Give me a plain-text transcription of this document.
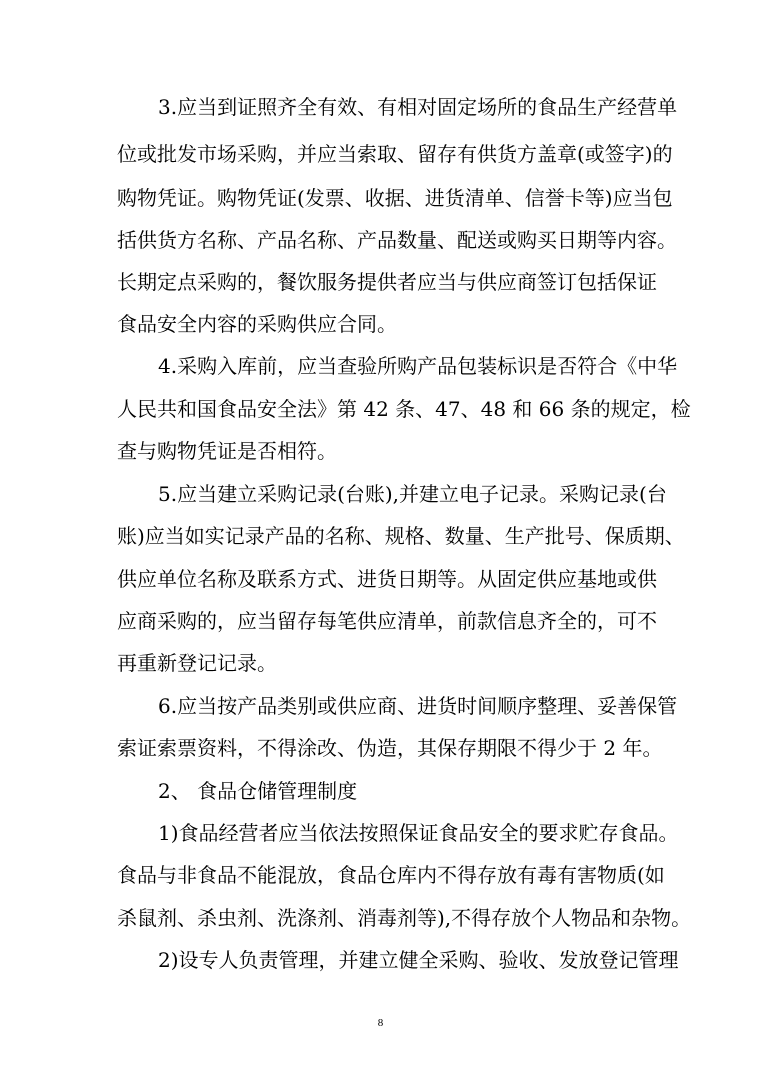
3.应当到证照齐全有效、有相对固定场所的食品生产经营单
位或批发市场采购，并应当索取、留存有供货方盖章(或签字)的
购物凭证。购物凭证(发票、收据、进货清单、信誉卡等)应当包
括供货方名称、产品名称、产品数量、配送或购买日期等内容。
长期定点采购的，餐饮服务提供者应当与供应商签订包括保证
食品安全内容的采购供应合同。
4.采购入库前，应当查验所购产品包装标识是否符合《中华
人民共和国食品安全法》第 42 条、47、48 和 66 条的规定，检
查与购物凭证是否相符。
5.应当建立采购记录(台账),并建立电子记录。采购记录(台
账)应当如实记录产品的名称、规格、数量、生产批号、保质期、
供应单位名称及联系方式、进货日期等。从固定供应基地或供
应商采购的，应当留存每笔供应清单，前款信息齐全的，可不
再重新登记记录。
6.应当按产品类别或供应商、进货时间顺序整理、妥善保管
索证索票资料，不得涂改、伪造，其保存期限不得少于 2 年。
2、 食品仓储管理制度
1)食品经营者应当依法按照保证食品安全的要求贮存食品。
食品与非食品不能混放，食品仓库内不得存放有毒有害物质(如
杀鼠剂、杀虫剂、洗涤剂、消毒剂等),不得存放个人物品和杂物。
2)设专人负责管理，并建立健全采购、验收、发放登记管理
8
